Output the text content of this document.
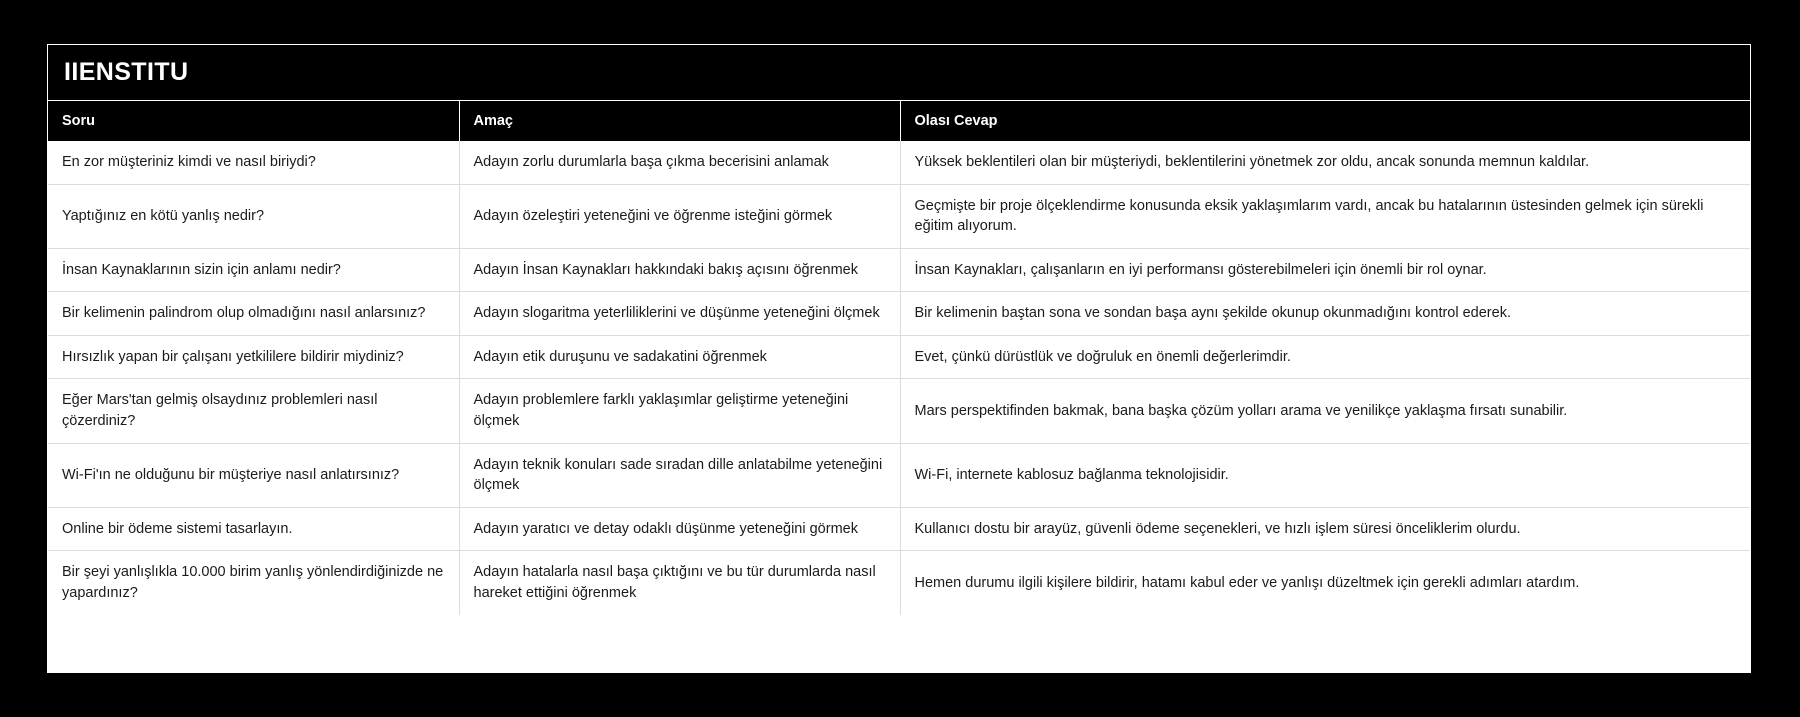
IIENSTITU
Soru	Amaç	Olası Cevap
En zor müşteriniz kimdi ve nasıl biriydi?	Adayın zorlu durumlarla başa çıkma becerisini anlamak	Yüksek beklentileri olan bir müşteriydi, beklentilerini yönetmek zor oldu, ancak sonunda memnun kaldılar.
Yaptığınız en kötü yanlış nedir?	Adayın özeleştiri yeteneğini ve öğrenme isteğini görmek	Geçmişte bir proje ölçeklendirme konusunda eksik yaklaşımlarım vardı, ancak bu hatalarının üstesinden gelmek için sürekli eğitim alıyorum.
İnsan Kaynaklarının sizin için anlamı nedir?	Adayın İnsan Kaynakları hakkındaki bakış açısını öğrenmek	İnsan Kaynakları, çalışanların en iyi performansı gösterebilmeleri için önemli bir rol oynar.
Bir kelimenin palindrom olup olmadığını nasıl anlarsınız?	Adayın slogaritma yeterliliklerini ve düşünme yeteneğini ölçmek	Bir kelimenin baştan sona ve sondan başa aynı şekilde okunup okunmadığını kontrol ederek.
Hırsızlık yapan bir çalışanı yetkililere bildirir miydiniz?	Adayın etik duruşunu ve sadakatini öğrenmek	Evet, çünkü dürüstlük ve doğruluk en önemli değerlerimdir.
Eğer Mars'tan gelmiş olsaydınız problemleri nasıl çözerdiniz?	Adayın problemlere farklı yaklaşımlar geliştirme yeteneğini ölçmek	Mars perspektifinden bakmak, bana başka çözüm yolları arama ve yenilikçe yaklaşma fırsatı sunabilir.
Wi-Fi'ın ne olduğunu bir müşteriye nasıl anlatırsınız?	Adayın teknik konuları sade sıradan dille anlatabilme yeteneğini ölçmek	Wi-Fi, internete kablosuz bağlanma teknolojisidir.
Online bir ödeme sistemi tasarlayın.	Adayın yaratıcı ve detay odaklı düşünme yeteneğini görmek	Kullanıcı dostu bir arayüz, güvenli ödeme seçenekleri, ve hızlı işlem süresi önceliklerim olurdu.
Bir şeyi yanlışlıkla 10.000 birim yanlış yönlendirdiğinizde ne yapardınız?	Adayın hatalarla nasıl başa çıktığını ve bu tür durumlarda nasıl hareket ettiğini öğrenmek	Hemen durumu ilgili kişilere bildirir, hatamı kabul eder ve yanlışı düzeltmek için gerekli adımları atardım.
